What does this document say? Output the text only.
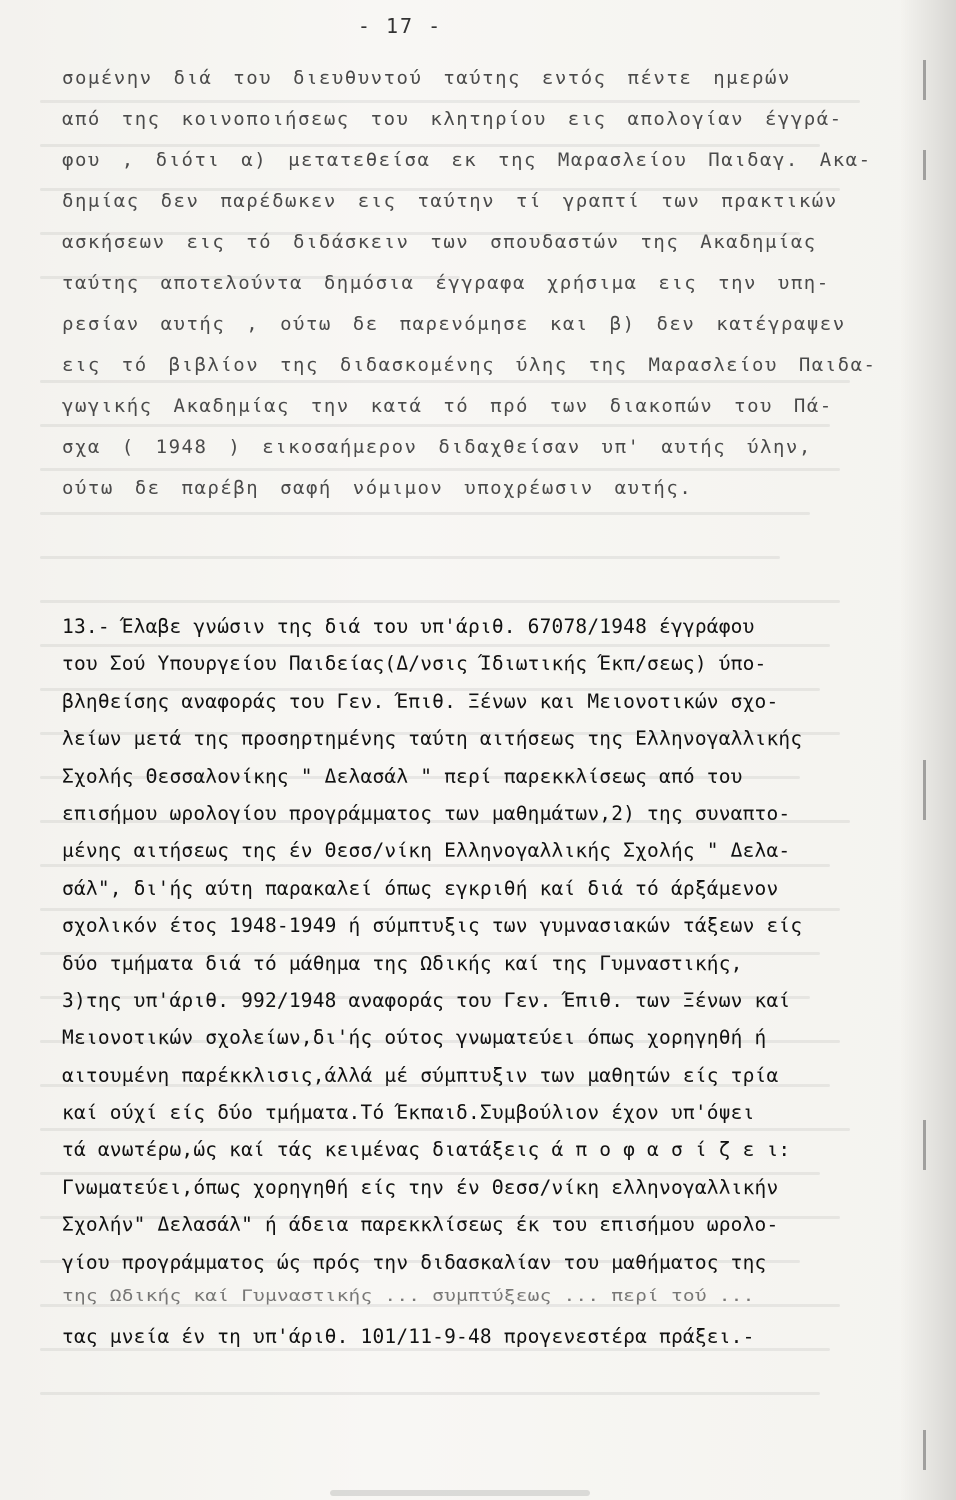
- 17 -
σομένην διά του διευθυντού ταύτης εντός πέντε ημερών
από της κοινοποιήσεως του κλητηρίου εις απολογίαν έγγρά-
φου , διότι α) μετατεθείσα εκ της Μαρασλείου Παιδαγ. Ακα-
δημίας δεν παρέδωκεν εις ταύτην τί γραπτί των πρακτικών
ασκήσεων εις τό διδάσκειν των σπουδαστών της Ακαδημίας
ταύτης αποτελούντα δημόσια έγγραφα χρήσιμα εις την υπη-
ρεσίαν αυτής , ούτω δε παρενόμησε και β) δεν κατέγραψεν
εις τό βιβλίον της διδασκομένης ύλης της Μαρασλείου Παιδα-
γωγικής Ακαδημίας την κατά τό πρό των διακοπών του Πά-
σχα ( 1948 ) εικοσαήμερον διδαχθείσαν υπ' αυτής ύλην,
ούτω δε παρέβη σαφή νόμιμον υποχρέωσιν αυτής.
13.- Έλαβε γνώσιν της διά του υπ'άριθ. 67078/1948 έγγράφου
του Σού Υπουργείου Παιδείας(Δ/νσις Ίδιωτικής Έκπ/σεως) ύπο-
βληθείσης αναφοράς του Γεν. Έπιθ. Ξένων και Μειονοτικών σχο-
λείων μετά της προσηρτημένης ταύτη αιτήσεως της Ελληνογαλλικής
Σχολής Θεσσαλονίκης " Δελασάλ " περί παρεκκλίσεως από του
επισήμου ωρολογίου προγράμματος των μαθημάτων,2) της συναπτο-
μένης αιτήσεως της έν Θεσσ/νίκη Ελληνογαλλικής Σχολής " Δελα-
σάλ", δι'ής αύτη παρακαλεί όπως εγκριθή καί διά τό άρξάμενον
σχολικόν έτος 1948-1949 ή σύμπτυξις των γυμνασιακών τάξεων είς
δύο τμήματα διά τό μάθημα της Ωδικής καί της Γυμναστικής,
3)της υπ'άριθ. 992/1948 αναφοράς του Γεν. Έπιθ. των Ξένων καί
Μειονοτικών σχολείων,δι'ής ούτος γνωματεύει όπως χορηγηθή ή
αιτουμένη παρέκκλισις,άλλά μέ σύμπτυξιν των μαθητών είς τρία
καί ούχί είς δύο τμήματα.Τό Έκπαιδ.Συμβούλιον έχον υπ'όψει
τά ανωτέρω,ώς καί τάς κειμένας διατάξεις ά π ο φ α σ ί ζ ε ι:
Γνωματεύει,όπως χορηγηθή είς την έν Θεσσ/νίκη ελληνογαλλικήν
Σχολήν" Δελασάλ" ή άδεια παρεκκλίσεως έκ του επισήμου ωρολο-
γίου προγράμματος ώς πρός την διδασκαλίαν του μαθήματος της
της Ωδικής καί Γυμναστικής ... συμπτύξεως ... περί τού ...
τας μνεία έν τη υπ'άριθ. 101/11-9-48 προγενεστέρα πράξει.-
